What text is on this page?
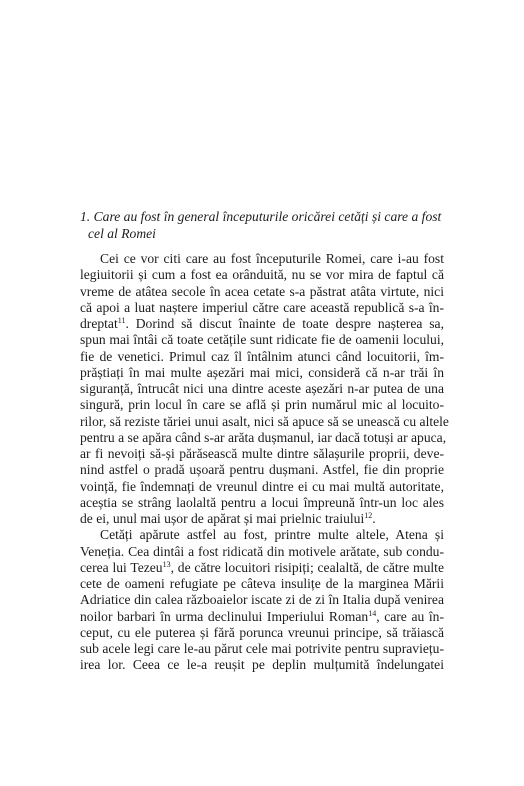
1. Care au fost în general începuturile oricărei cetăți și care a fost
cel al Romei
Cei ce vor citi care au fost începuturile Romei, care i-au fost
legiuitorii și cum a fost ea orânduită, nu se vor mira de faptul că
vreme de atâtea secole în acea cetate s-a păstrat atâta virtute, nici
că apoi a luat naștere imperiul către care această republică s-a în-
dreptat$^{11}$. Dorind să discut înainte de toate despre nașterea sa,
spun mai întâi că toate cetățile sunt ridicate fie de oamenii locului,
fie de venetici. Primul caz îl întâlnim atunci când locuitorii, îm-
prăștiați în mai multe așezări mai mici, consideră că n-ar trăi în
siguranță, întrucât nici una dintre aceste așezări n-ar putea de una
singură, prin locul în care se află și prin numărul mic al locuito-
rilor, să reziste tăriei unui asalt, nici să apuce să se unească cu altele
pentru a se apăra când s-ar arăta dușmanul, iar dacă totuși ar apuca,
ar fi nevoiți să-și părăsească multe dintre sălașurile proprii, deve-
nind astfel o pradă ușoară pentru dușmani. Astfel, fie din proprie
voință, fie îndemnați de vreunul dintre ei cu mai multă autoritate,
aceștia se strâng laolaltă pentru a locui împreună într-un loc ales
de ei, unul mai ușor de apărat și mai prielnic traiului$^{12}$.
Cetăți apărute astfel au fost, printre multe altele, Atena și
Veneția. Cea dintâi a fost ridicată din motivele arătate, sub condu-
cerea lui Tezeu$^{13}$, de către locuitori risipiți; cealaltă, de către multe
cete de oameni refugiate pe câteva insulițe de la marginea Mării
Adriatice din calea războaielor iscate zi de zi în Italia după venirea
noilor barbari în urma declinului Imperiului Roman$^{14}$, care au în-
ceput, cu ele puterea și fără porunca vreunui principe, să trăiască
sub acele legi care le-au părut cele mai potrivite pentru supraviețu-
irea lor. Ceea ce le-a reușit pe deplin mulțumită îndelungatei
